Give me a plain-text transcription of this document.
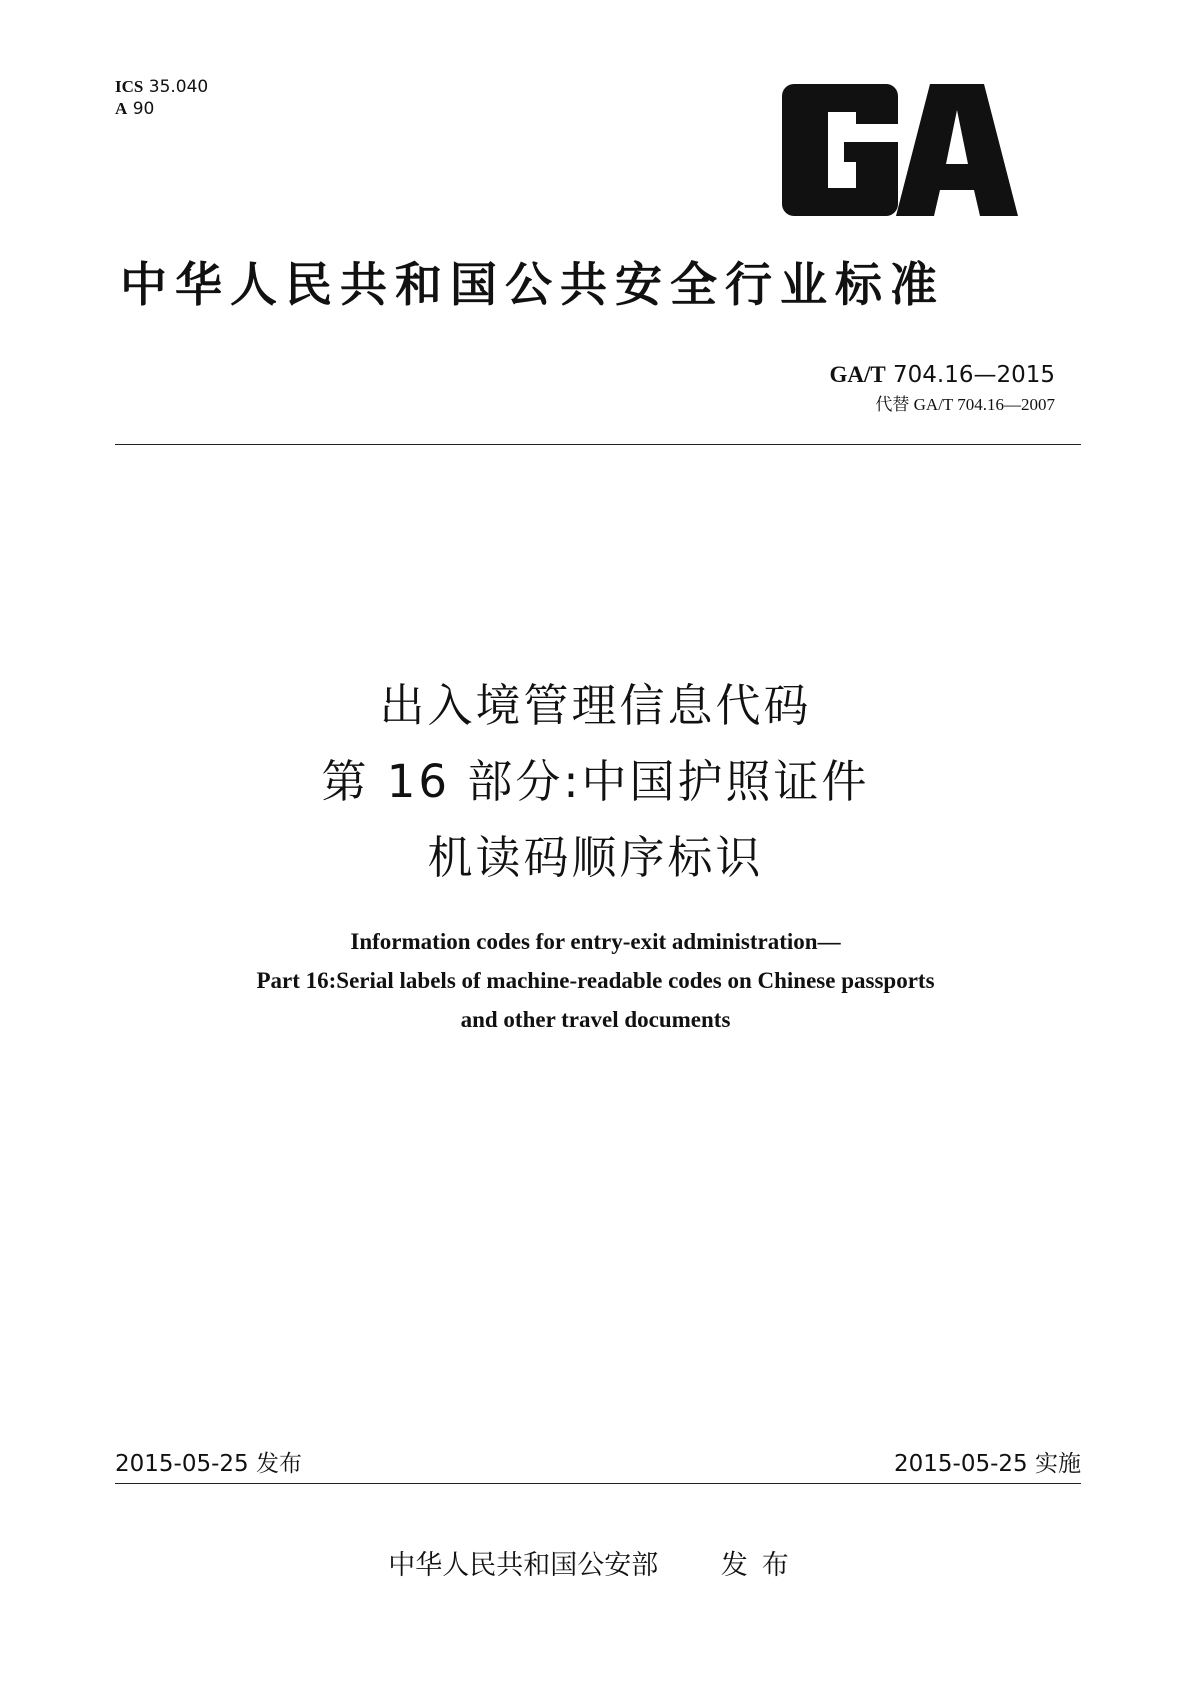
ICS 35.040
A 90
中华人民共和国公共安全行业标准
GA/T 704.16—2015
代替 GA/T 704.16—2007
出入境管理信息代码
第 16 部分:中国护照证件
机读码顺序标识
Information codes for entry-exit administration—
Part 16:Serial labels of machine-readable codes on Chinese passports
and other travel documents
2015-05-25 发布	2015-05-25 实施
中华人民共和国公安部 发布
